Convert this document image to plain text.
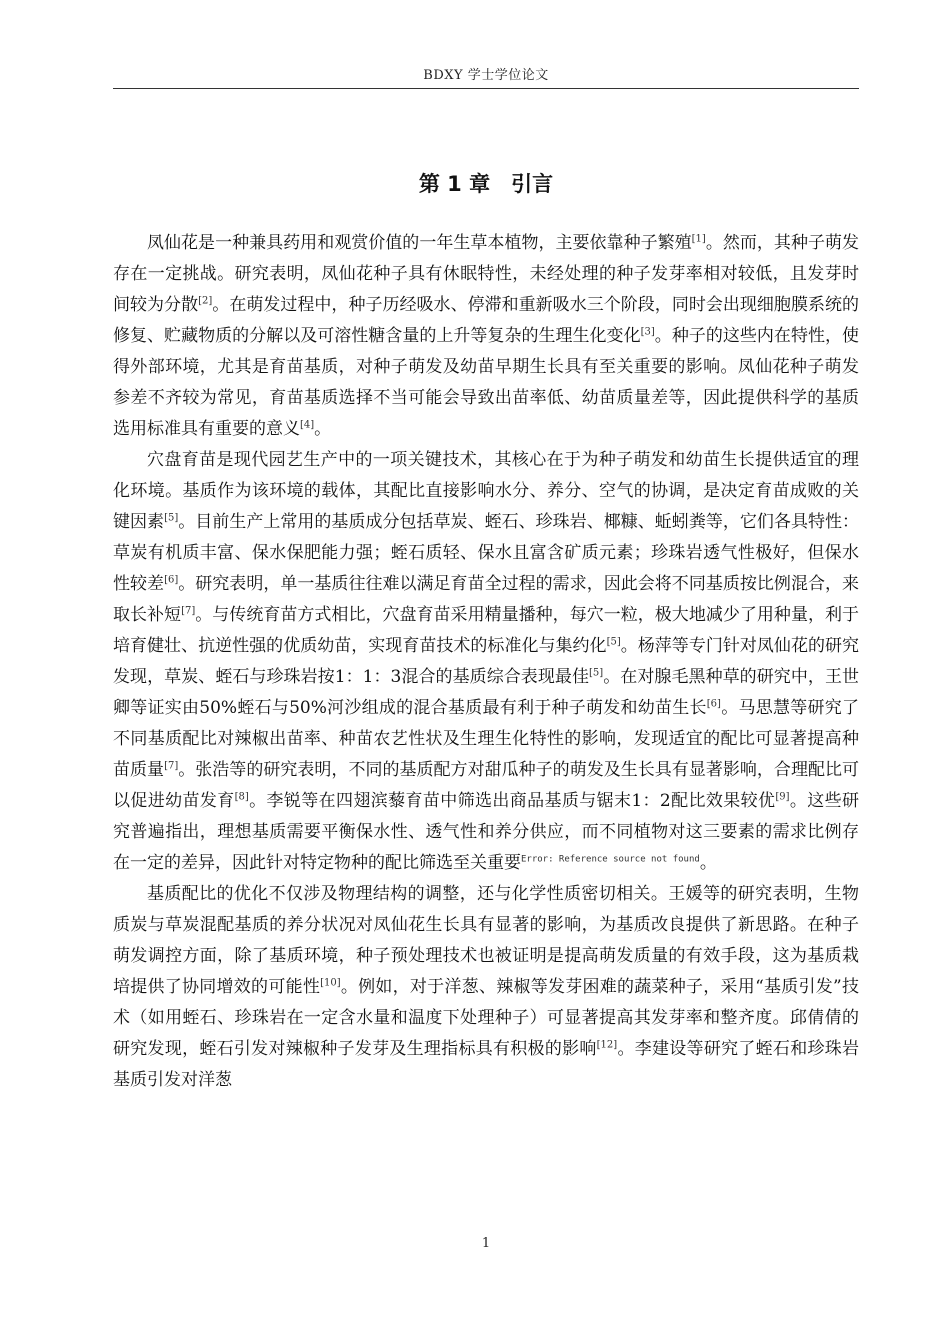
BDXY 学士学位论文
第 1 章　引言

凤仙花是一种兼具药用和观赏价值的一年生草本植物，主要依靠种子繁殖[1]。然而，其种子萌发存在一定挑战。研究表明，凤仙花种子具有休眠特性，未经处理的种子发芽率相对较低，且发芽时间较为分散[2]。在萌发过程中，种子历经吸水、停滞和重新吸水三个阶段，同时会出现细胞膜系统的修复、贮藏物质的分解以及可溶性糖含量的上升等复杂的生理生化变化[3]。种子的这些内在特性，使得外部环境，尤其是育苗基质，对种子萌发及幼苗早期生长具有至关重要的影响。凤仙花种子萌发参差不齐较为常见，育苗基质选择不当可能会导致出苗率低、幼苗质量差等，因此提供科学的基质选用标准具有重要的意义[4]。

穴盘育苗是现代园艺生产中的一项关键技术，其核心在于为种子萌发和幼苗生长提供适宜的理化环境。基质作为该环境的载体，其配比直接影响水分、养分、空气的协调，是决定育苗成败的关键因素[5]。目前生产上常用的基质成分包括草炭、蛭石、珍珠岩、椰糠、蚯蚓粪等，它们各具特性：草炭有机质丰富、保水保肥能力强；蛭石质轻、保水且富含矿质元素；珍珠岩透气性极好，但保水性较差[6]。研究表明，单一基质往往难以满足育苗全过程的需求，因此会将不同基质按比例混合，来取长补短[7]。与传统育苗方式相比，穴盘育苗采用精量播种，每穴一粒，极大地减少了用种量，利于培育健壮、抗逆性强的优质幼苗，实现育苗技术的标准化与集约化[5]。杨萍等专门针对凤仙花的研究发现，草炭、蛭石与珍珠岩按1：1：3混合的基质综合表现最佳[5]。在对腺毛黑种草的研究中，王世卿等证实由50%蛭石与50%河沙组成的混合基质最有利于种子萌发和幼苗生长[6]。马思慧等研究了不同基质配比对辣椒出苗率、种苗农艺性状及生理生化特性的影响，发现适宜的配比可显著提高种苗质量[7]。张浩等的研究表明，不同的基质配方对甜瓜种子的萌发及生长具有显著影响，合理配比可以促进幼苗发育[8]。李锐等在四翅滨藜育苗中筛选出商品基质与锯末1：2配比效果较优[9]。这些研究普遍指出，理想基质需要平衡保水性、透气性和养分供应，而不同植物对这三要素的需求比例存在一定的差异，因此针对特定物种的配比筛选至关重要$^{Error: Reference source not found}$。

基质配比的优化不仅涉及物理结构的调整，还与化学性质密切相关。王媛等的研究表明，生物质炭与草炭混配基质的养分状况对凤仙花生长具有显著的影响，为基质改良提供了新思路。在种子萌发调控方面，除了基质环境，种子预处理技术也被证明是提高萌发质量的有效手段，这为基质栽培提供了协同增效的可能性[10]。例如，对于洋葱、辣椒等发芽困难的蔬菜种子，采用“基质引发”技术（如用蛭石、珍珠岩在一定含水量和温度下处理种子）可显著提高其发芽率和整齐度。邱倩倩的研究发现，蛭石引发对辣椒种子发芽及生理指标具有积极的影响[12]。李建设等研究了蛭石和珍珠岩基质引发对洋葱

1
